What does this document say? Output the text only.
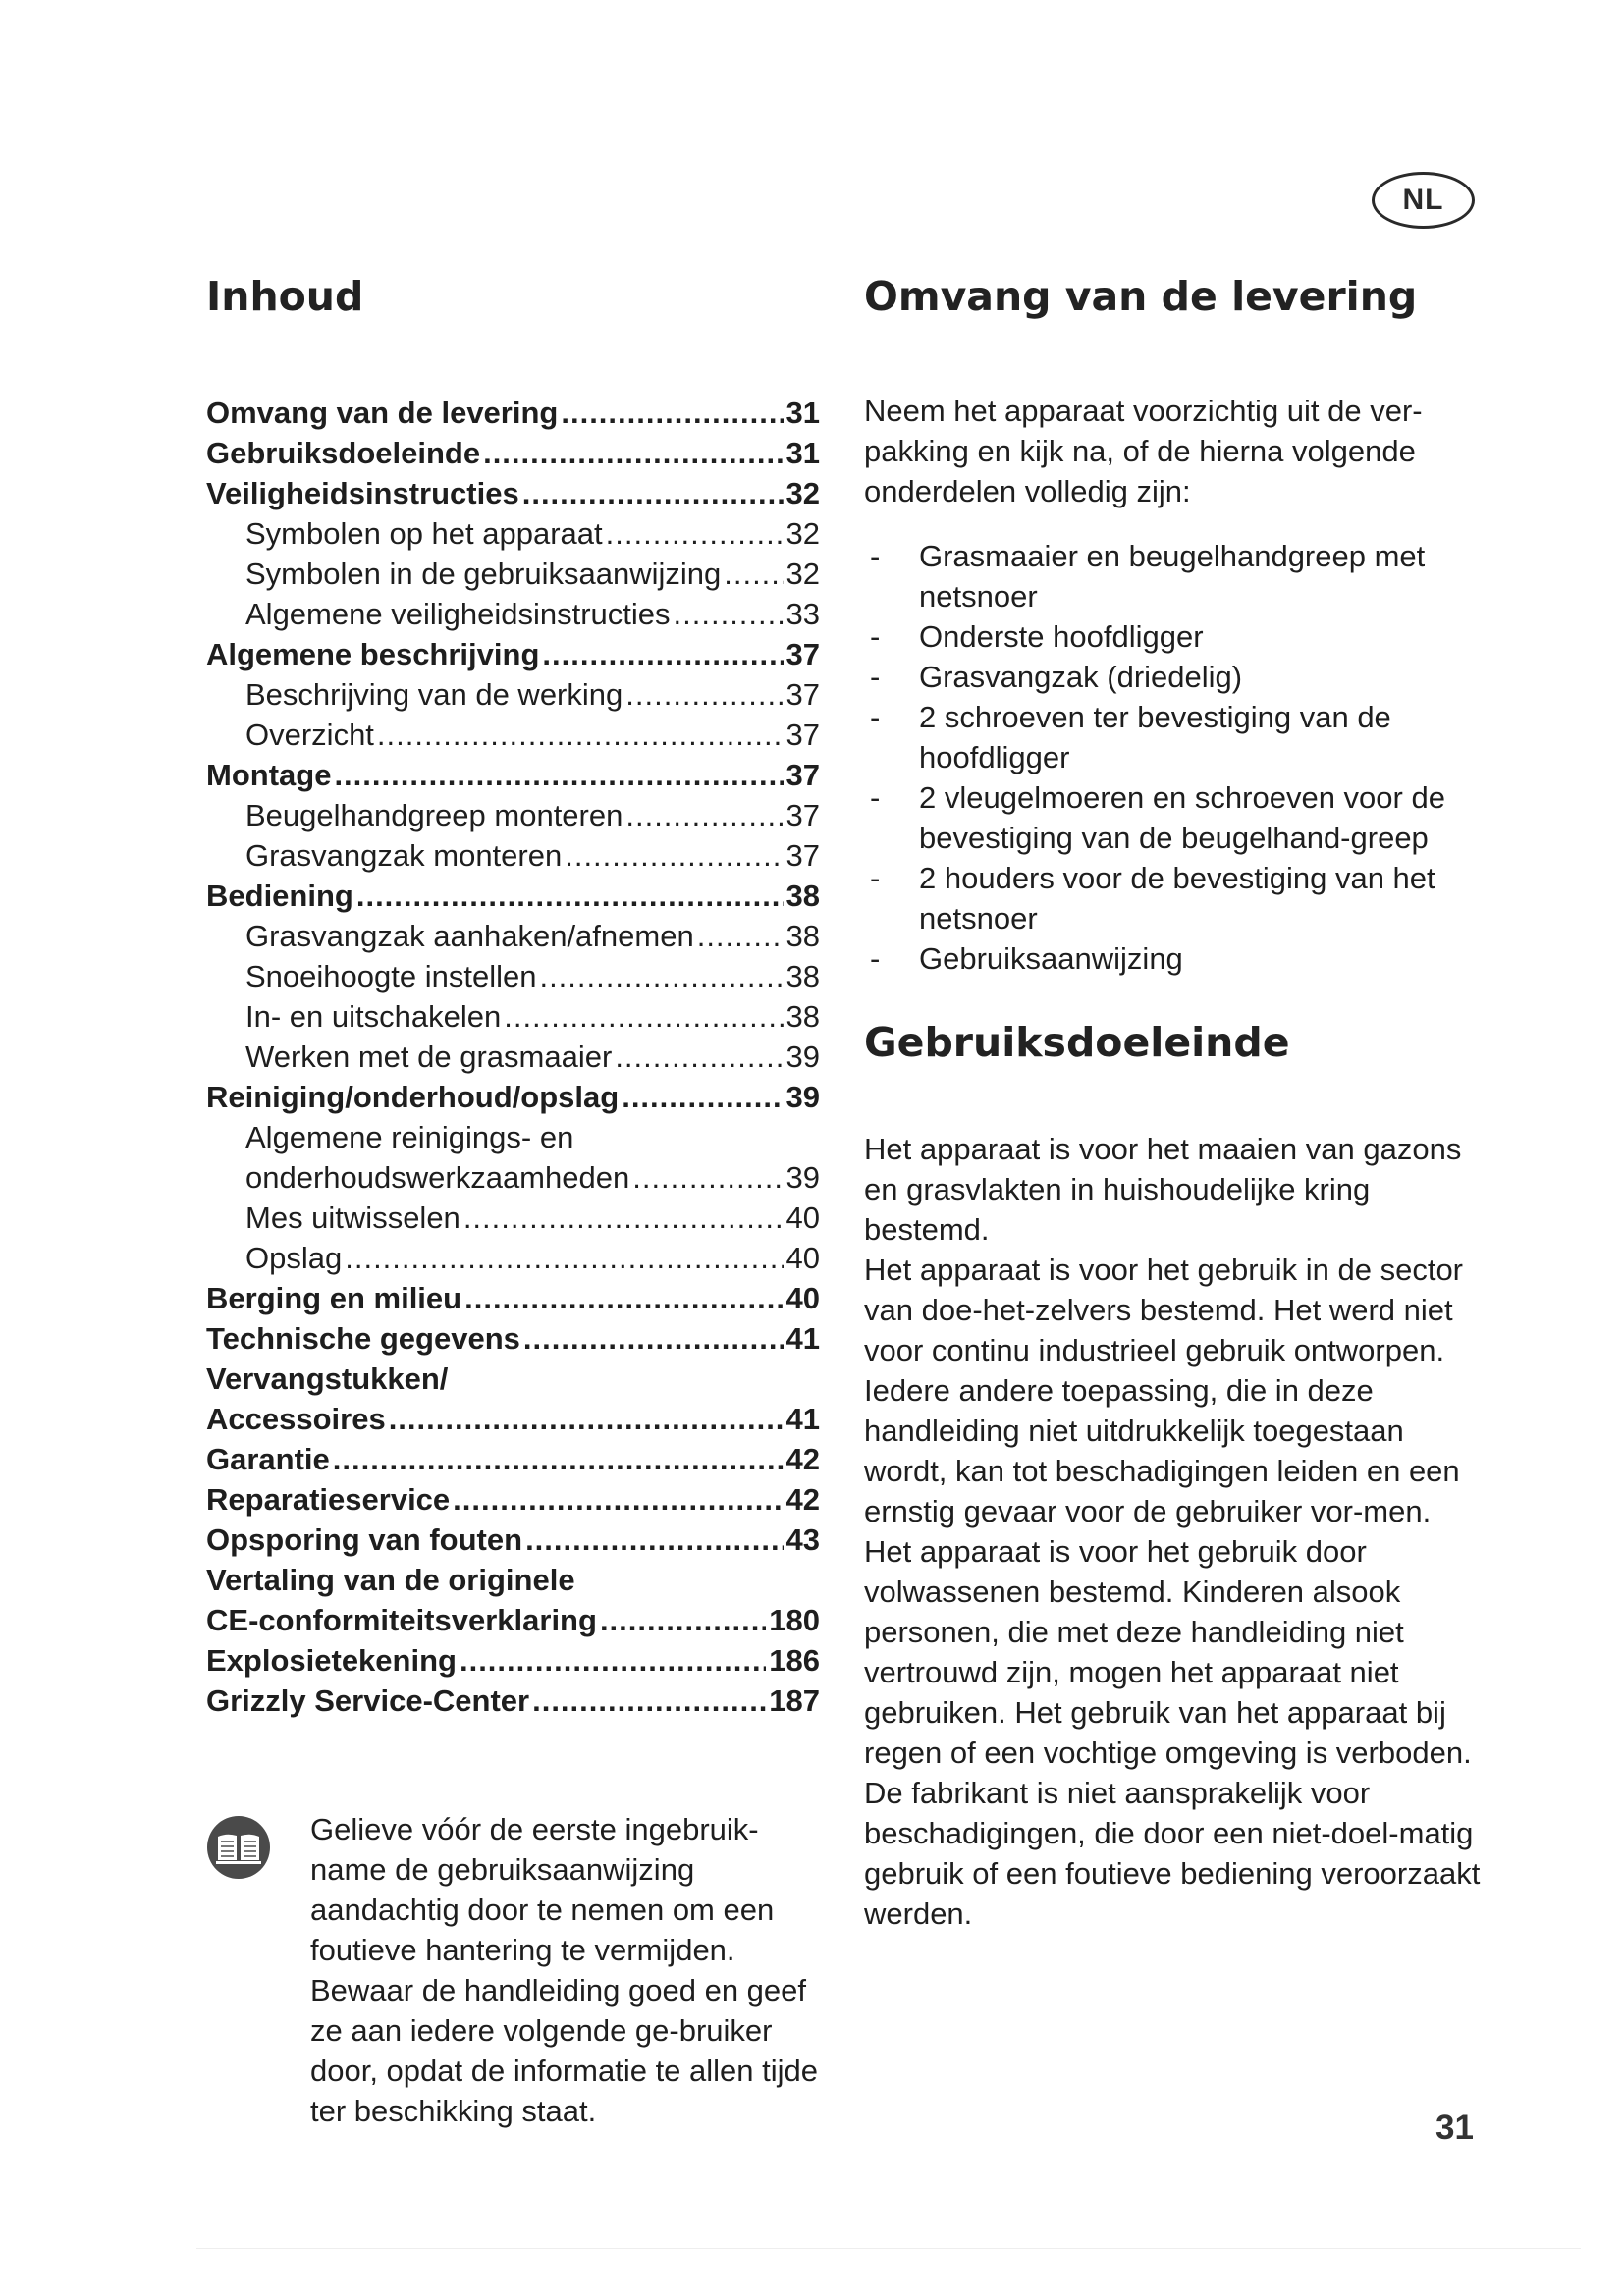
NL
Inhoud
Omvang van de levering .....	31
Gebruiksdoeleinde .....	31
Veiligheidsinstructies .....	32
Symbolen op het apparaat .....	32
Symbolen in de gebruiksaanwijzing ..... 32
Algemene veiligheidsinstructies .....	33
Algemene beschrijving .....	37
Beschrijving van de werking .....	37
Overzicht .....	37
Montage .....	37
Beugelhandgreep monteren .....	37
Grasvangzak monteren .....	37
Bediening .....	38
Grasvangzak aanhaken/afnemen .....	38
Snoeihoogte instellen .....	38
In- en uitschakelen .....	38
Werken met de grasmaaier .....	39
Reiniging/onderhoud/opslag .....	39
Algemene reinigings- en
onderhoudswerkzaamheden .....	39
Mes uitwisselen .....	40
Opslag .....	40
Berging en milieu .....	40
Technische gegevens .....	41
Vervangstukken/
Accessoires .....	41
Garantie .....	42
Reparatieservice .....	42
Opsporing van fouten .....	43
Vertaling van de originele
CE-conformiteitsverklaring .....	180
Explosietekening .....	186
Grizzly Service-Center .....	187

Gelieve vóór de eerste ingebruik-name de gebruiksaanwijzing aandachtig door te nemen om een foutieve hantering te vermijden. Bewaar de handleiding goed en geef ze aan iedere volgende ge-bruiker door, opdat de informatie te allen tijde ter beschikking staat.

Omvang van de levering

Neem het apparaat voorzichtig uit de ver-pakking en kijk na, of de hierna volgende onderdelen volledig zijn:

- Grasmaaier en beugelhandgreep met netsnoer
- Onderste hoofdligger
- Grasvangzak (driedelig)
- 2 schroeven ter bevestiging van de hoofdligger
- 2 vleugelmoeren en schroeven voor de bevestiging van de beugelhand-greep
- 2 houders voor de bevestiging van het netsnoer
- Gebruiksaanwijzing
Gebruiksdoeleinde

Het apparaat is voor het maaien van gazons en grasvlakten in huishoudelijke kring bestemd.

Het apparaat is voor het gebruik in de sector van doe-het-zelvers bestemd. Het werd niet voor continu industrieel gebruik ontworpen.

Iedere andere toepassing, die in deze handleiding niet uitdrukkelijk toegestaan wordt, kan tot beschadigingen leiden en een ernstig gevaar voor de gebruiker vor-men.

Het apparaat is voor het gebruik door volwassenen bestemd. Kinderen alsook personen, die met deze handleiding niet vertrouwd zijn, mogen het apparaat niet gebruiken. Het gebruik van het apparaat bij regen of een vochtige omgeving is verboden.

De fabrikant is niet aansprakelijk voor beschadigingen, die door een niet-doel-matig gebruik of een foutieve bediening veroorzaakt werden.

31
